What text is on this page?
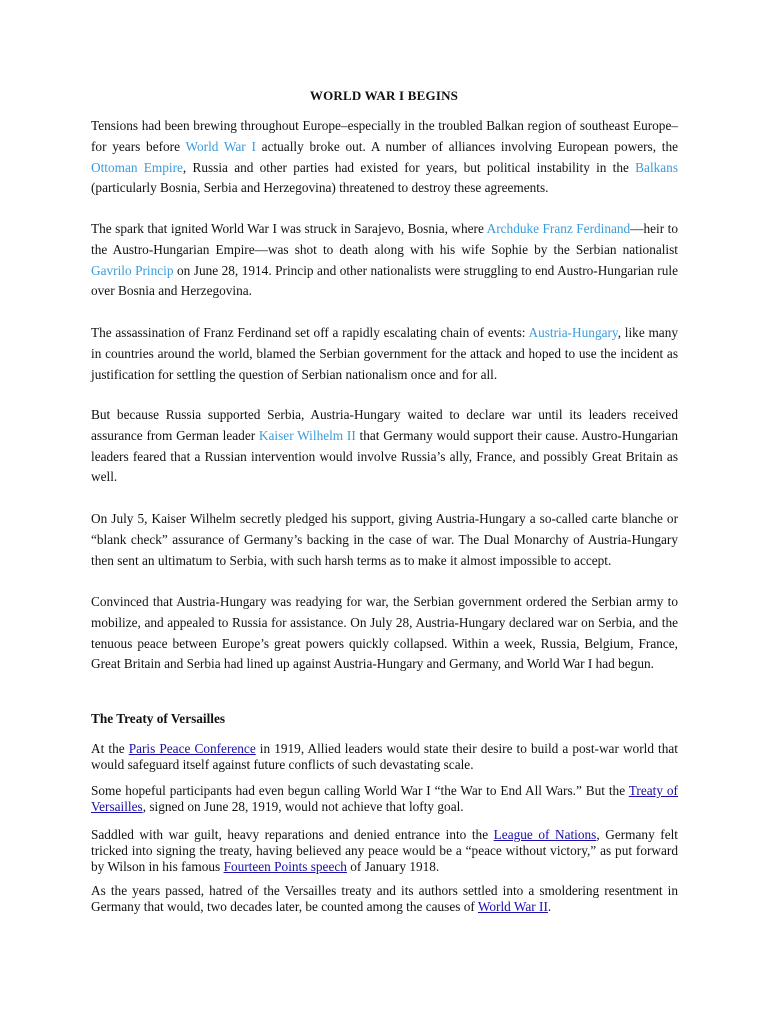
WORLD WAR I BEGINS

Tensions had been brewing throughout Europe–especially in the troubled Balkan region of southeast Europe–for years before World War I actually broke out. A number of alliances involving European powers, the Ottoman Empire, Russia and other parties had existed for years, but political instability in the Balkans (particularly Bosnia, Serbia and Herzegovina) threatened to destroy these agreements.

The spark that ignited World War I was struck in Sarajevo, Bosnia, where Archduke Franz Ferdinand—heir to the Austro-Hungarian Empire—was shot to death along with his wife Sophie by the Serbian nationalist Gavrilo Princip on June 28, 1914. Princip and other nationalists were struggling to end Austro-Hungarian rule over Bosnia and Herzegovina.

The assassination of Franz Ferdinand set off a rapidly escalating chain of events: Austria-Hungary, like many in countries around the world, blamed the Serbian government for the attack and hoped to use the incident as justification for settling the question of Serbian nationalism once and for all.

But because Russia supported Serbia, Austria-Hungary waited to declare war until its leaders received assurance from German leader Kaiser Wilhelm II that Germany would support their cause. Austro-Hungarian leaders feared that a Russian intervention would involve Russia’s ally, France, and possibly Great Britain as well.

On July 5, Kaiser Wilhelm secretly pledged his support, giving Austria-Hungary a so-called carte blanche or “blank check” assurance of Germany’s backing in the case of war. The Dual Monarchy of Austria-Hungary then sent an ultimatum to Serbia, with such harsh terms as to make it almost impossible to accept.

Convinced that Austria-Hungary was readying for war, the Serbian government ordered the Serbian army to mobilize, and appealed to Russia for assistance. On July 28, Austria-Hungary declared war on Serbia, and the tenuous peace between Europe’s great powers quickly collapsed. Within a week, Russia, Belgium, France, Great Britain and Serbia had lined up against Austria-Hungary and Germany, and World War I had begun.

The Treaty of Versailles

At the Paris Peace Conference in 1919, Allied leaders would state their desire to build a post-war world that would safeguard itself against future conflicts of such devastating scale.

Some hopeful participants had even begun calling World War I “the War to End All Wars.” But the Treaty of Versailles, signed on June 28, 1919, would not achieve that lofty goal.

Saddled with war guilt, heavy reparations and denied entrance into the League of Nations, Germany felt tricked into signing the treaty, having believed any peace would be a “peace without victory,” as put forward by Wilson in his famous Fourteen Points speech of January 1918.

As the years passed, hatred of the Versailles treaty and its authors settled into a smoldering resentment in Germany that would, two decades later, be counted among the causes of World War II.
